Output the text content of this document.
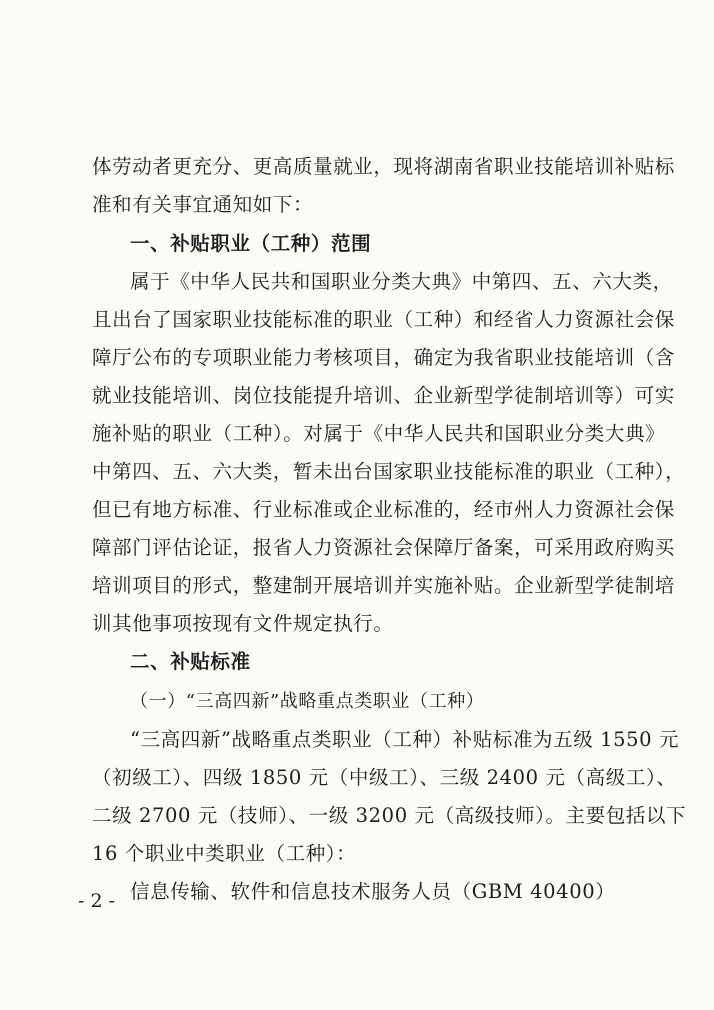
体劳动者更充分、更高质量就业，现将湖南省职业技能培训补贴标
准和有关事宜通知如下：
一、补贴职业（工种）范围
属于《中华人民共和国职业分类大典》中第四、五、六大类，
且出台了国家职业技能标准的职业（工种）和经省人力资源社会保
障厅公布的专项职业能力考核项目，确定为我省职业技能培训（含
就业技能培训、岗位技能提升培训、企业新型学徒制培训等）可实
施补贴的职业（工种）。对属于《中华人民共和国职业分类大典》
中第四、五、六大类，暂未出台国家职业技能标准的职业（工种），
但已有地方标准、行业标准或企业标准的，经市州人力资源社会保
障部门评估论证，报省人力资源社会保障厅备案，可采用政府购买
培训项目的形式，整建制开展培训并实施补贴。企业新型学徒制培
训其他事项按现有文件规定执行。
二、补贴标准
（一）“三高四新”战略重点类职业（工种）
“三高四新”战略重点类职业（工种）补贴标准为五级 1550 元
（初级工）、四级 1850 元（中级工）、三级 2400 元（高级工）、
二级 2700 元（技师）、一级 3200 元（高级技师）。主要包括以下
16 个职业中类职业（工种）：
信息传输、软件和信息技术服务人员（GBM 40400）
- 2 -
